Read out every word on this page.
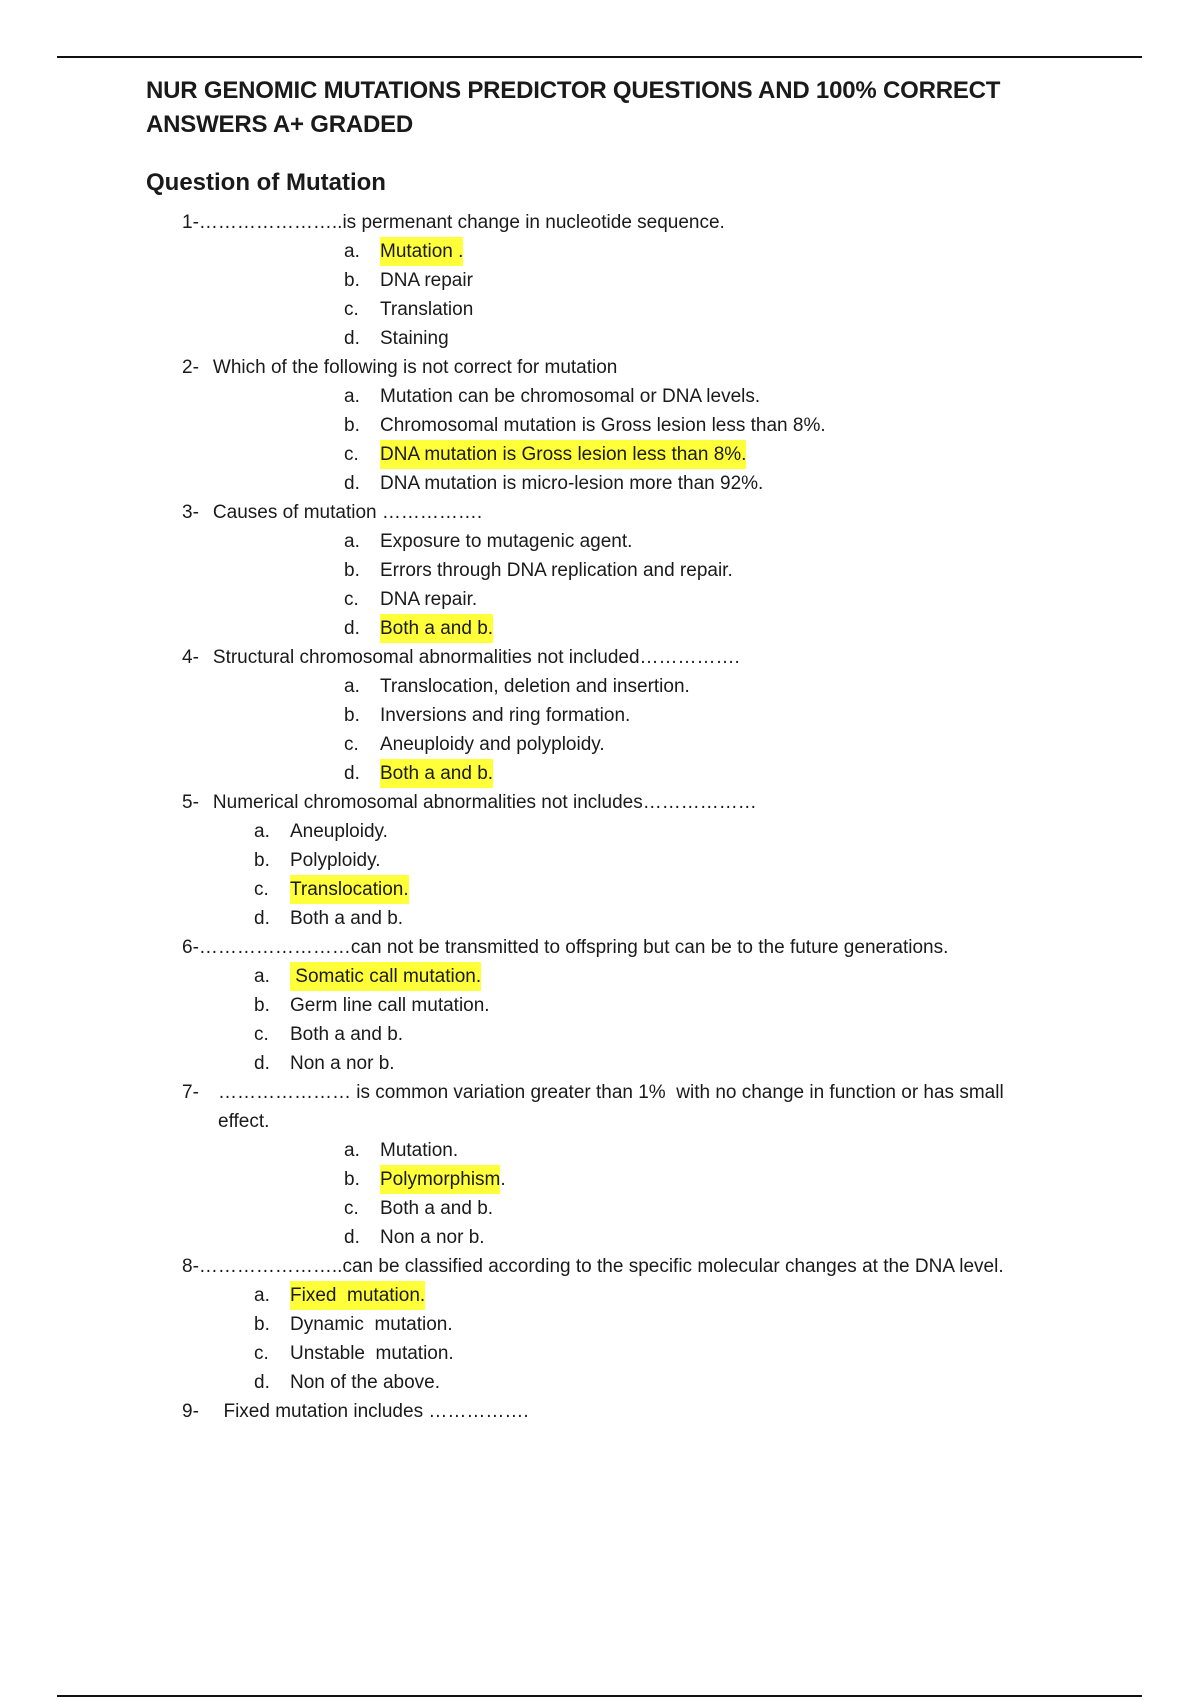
NUR GENOMIC MUTATIONS PREDICTOR QUESTIONS AND 100% CORRECT
ANSWERS A+ GRADED
Question of Mutation
1- …………………..is permenant change in nucleotide sequence.
a.	Mutation .
b.	DNA repair
c.	Translation
d.	Staining
2- Which of the following is not correct for mutation
a.	Mutation can be chromosomal or DNA levels.
b.	Chromosomal mutation is Gross lesion less than 8%.
c.	DNA mutation is Gross lesion less than 8%.
d.	DNA mutation is micro-lesion more than 92%.
3- Causes of mutation …………….
a.	Exposure to mutagenic agent.
b.	Errors through DNA replication and repair.
c.	DNA repair.
d.	Both a and b.
4- Structural chromosomal abnormalities not included…………….
a.	Translocation, deletion and insertion.
b.	Inversions and ring formation.
c.	Aneuploidy and polyploidy.
d.	Both a and b.
5- Numerical chromosomal abnormalities not includes………………
a.	Aneuploidy.
b.	Polyploidy.
c.	Translocation.
d.	Both a and b.
6- ……………………can not be transmitted to offspring but can be to the future generations.
a.	Somatic call mutation.
b.	Germ line call mutation.
c.	Both a and b.
d.	Non a nor b.
7-	………………… is common variation greater than 1%  with no change in function or has small effect.
a.	Mutation.
b.	Polymorphism .
c.	Both a and b.
d.	Non a nor b.
8- …………………..can be classified according to the specific molecular changes at the DNA level.
a.	Fixed  mutation.
b.	Dynamic  mutation.
c.	Unstable  mutation.
d.	Non of the above.
9- Fixed mutation includes …………….
